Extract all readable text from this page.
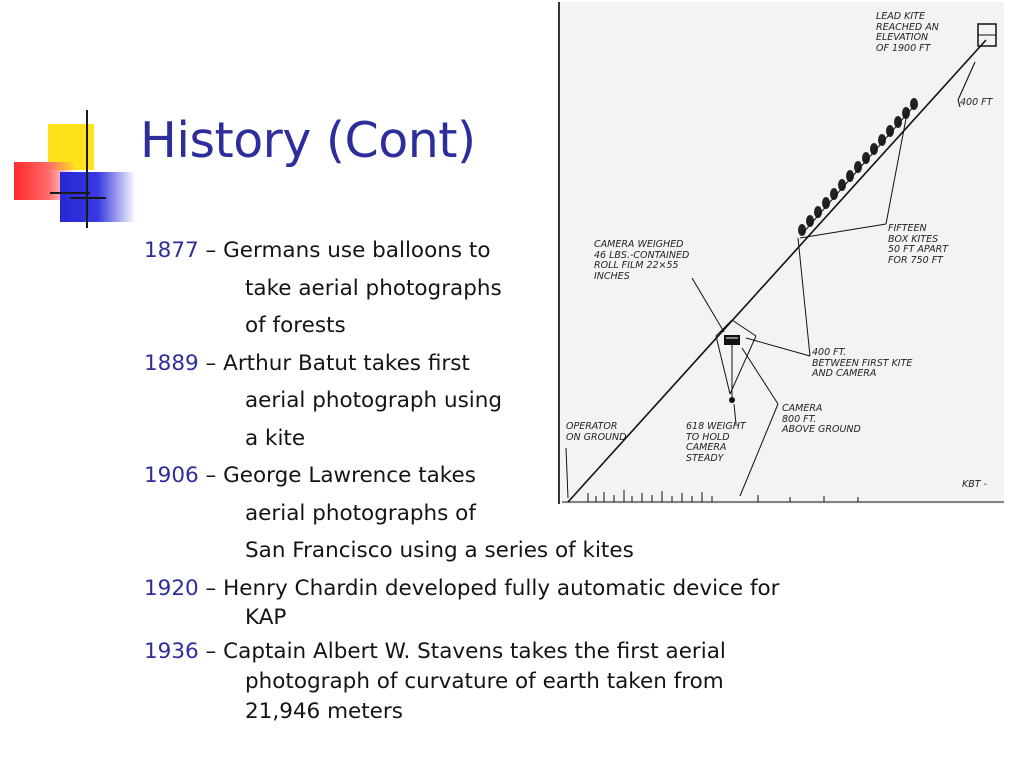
History (Cont)
1877 – Germans use balloons to
take aerial photographs
of forests
1889 – Arthur Batut takes first
aerial photograph using
a kite
1906 – George Lawrence takes
aerial photographs of
San Francisco using a series of kites
1920 – Henry Chardin developed fully automatic device for
KAP
1936 – Captain Albert W. Stavens takes the first aerial
photograph of curvature of earth taken from
21,946 meters
LEAD KITE
REACHED AN
ELEVATION
OF 1900 FT
400 FT
FIFTEEN
BOX KITES
50 FT APART
FOR 750 FT
CAMERA WEIGHED
46 LBS.-CONTAINED
ROLL FILM 22×55
INCHES
400 FT.
BETWEEN FIRST KITE
AND CAMERA
OPERATOR
ON GROUND
618 WEIGHT
TO HOLD
CAMERA
STEADY
CAMERA
800 FT.
ABOVE GROUND
KBT -
